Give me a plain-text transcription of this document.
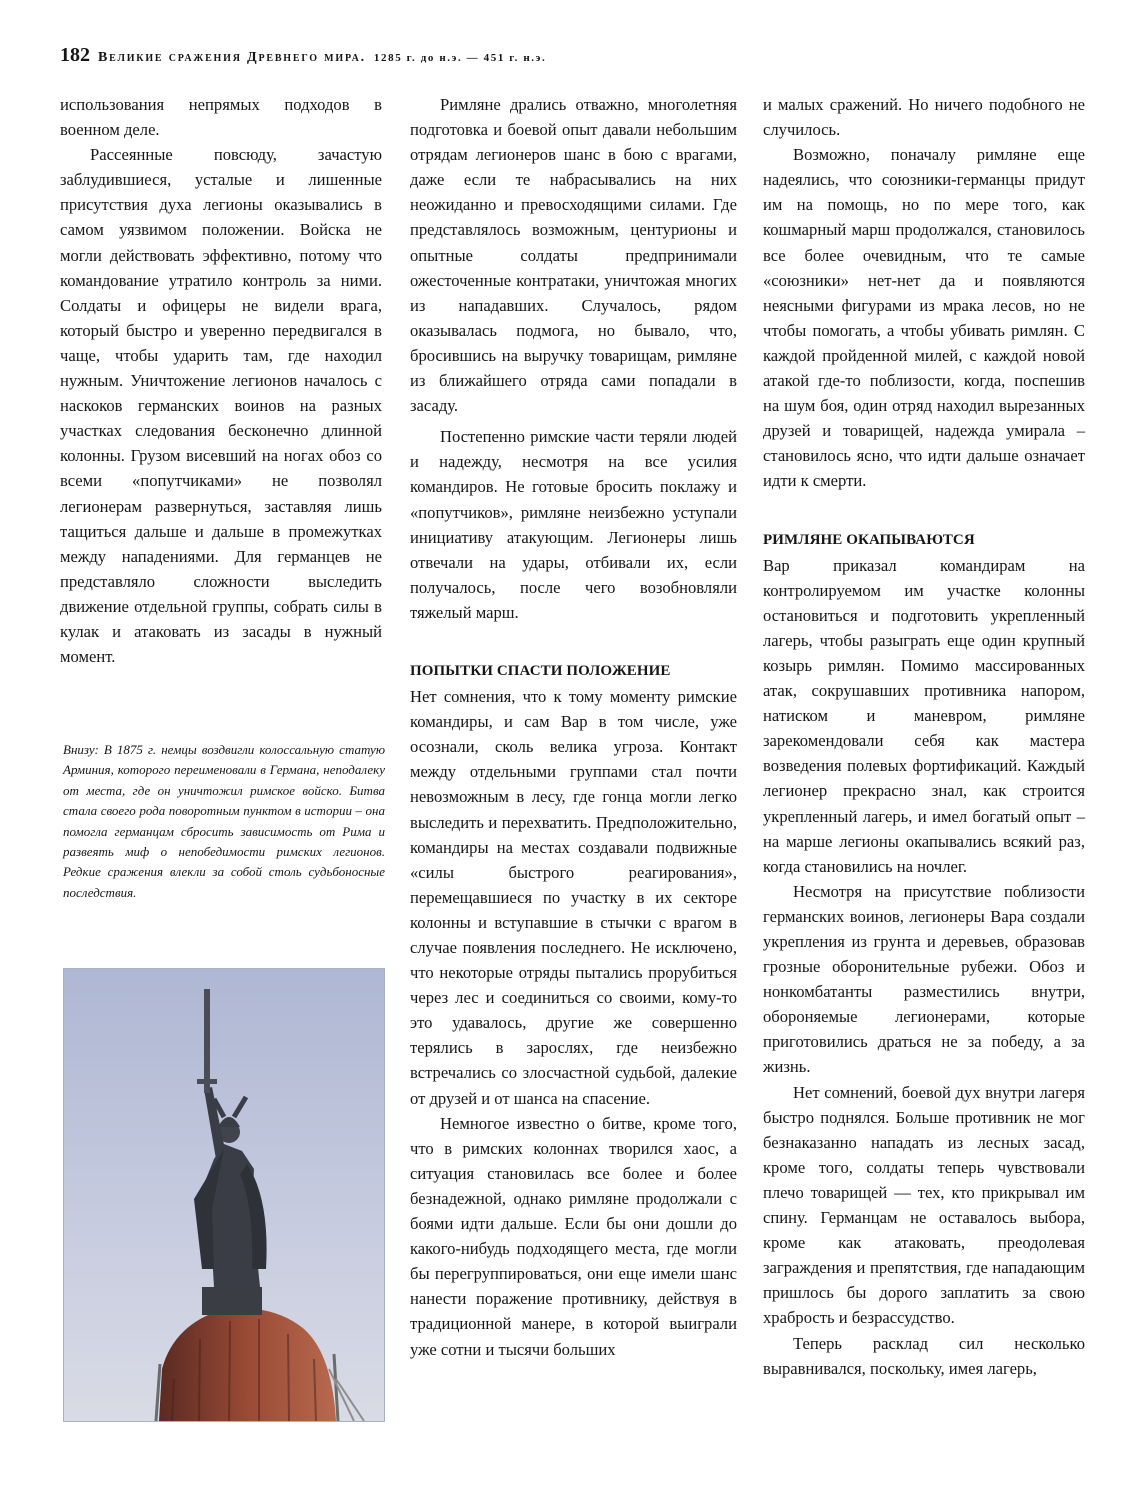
182 Великие сражения Древнего мира. 1285 г. до н.э. — 451 г. н.э.

использования непрямых подходов в военном деле.

Рассеянные повсюду, зачастую заблудившиеся, усталые и лишенные присутствия духа легионы оказывались в самом уязвимом положении. Войска не могли действовать эффективно, потому что командование утратило контроль за ними. Солдаты и офицеры не видели врага, который быстро и уверенно передвигался в чаще, чтобы ударить там, где находил нужным. Уничтожение легионов началось с наскоков германских воинов на разных участках следования бесконечно длинной колонны. Грузом висевший на ногах обоз со всеми «попутчиками» не позволял легионерам развернуться, заставляя лишь тащиться дальше и дальше в промежутках между нападениями. Для германцев не представляло сложности выследить движение отдельной группы, собрать силы в кулак и атаковать из засады в нужный момент.

Внизу: В 1875 г. немцы воздвигли колоссальную статую Арминия, которого переименовали в Германа, неподалеку от места, где он уничтожил римское войско. Битва стала своего рода поворотным пунктом в истории – она помогла германцам сбросить зависимость от Рима и развеять миф о непобедимости римских легионов. Редкие сражения влекли за собой столь судьбоносные последствия.

Римляне дрались отважно, многолетняя подготовка и боевой опыт давали небольшим отрядам легионеров шанс в бою с врагами, даже если те набрасывались на них неожиданно и превосходящими силами. Где представлялось возможным, центурионы и опытные солдаты предпринимали ожесточенные контратаки, уничтожая многих из нападавших. Случалось, рядом оказывалась подмога, но бывало, что, бросившись на выручку товарищам, римляне из ближайшего отряда сами попадали в засаду.

Постепенно римские части теряли людей и надежду, несмотря на все усилия командиров. Не готовые бросить поклажу и «попутчиков», римляне неизбежно уступали инициативу атакующим. Легионеры лишь отвечали на удары, отбивали их, если получалось, после чего возобновляли тяжелый марш.

ПОПЫТКИ СПАСТИ ПОЛОЖЕНИЕ

Нет сомнения, что к тому моменту римские командиры, и сам Вар в том числе, уже осознали, сколь велика угроза. Контакт между отдельными группами стал почти невозможным в лесу, где гонца могли легко выследить и перехватить. Предположительно, командиры на местах создавали подвижные «силы быстрого реагирования», перемещавшиеся по участку в их секторе колонны и вступавшие в стычки с врагом в случае появления последнего. Не исключено, что некоторые отряды пытались прорубиться через лес и соединиться со своими, кому-то это удавалось, другие же совершенно терялись в зарослях, где неизбежно встречались со злосчастной судьбой, далекие от друзей и от шанса на спасение.

Немногое известно о битве, кроме того, что в римских колоннах творился хаос, а ситуация становилась все более и более безнадежной, однако римляне продолжали с боями идти дальше. Если бы они дошли до какого-нибудь подходящего места, где могли бы перегруппироваться, они еще имели шанс нанести поражение противнику, действуя в традиционной манере, в которой выиграли уже сотни и тысячи больших

и малых сражений. Но ничего подобного не случилось.

Возможно, поначалу римляне еще надеялись, что союзники-германцы придут им на помощь, но по мере того, как кошмарный марш продолжался, становилось все более очевидным, что те самые «союзники» нет-нет да и появляются неясными фигурами из мрака лесов, но не чтобы помогать, а чтобы убивать римлян. С каждой пройденной милей, с каждой новой атакой где-то поблизости, когда, поспешив на шум боя, один отряд находил вырезанных друзей и товарищей, надежда умирала – становилось ясно, что идти дальше означает идти к смерти.

РИМЛЯНЕ ОКАПЫВАЮТСЯ

Вар приказал командирам на контролируемом им участке колонны остановиться и подготовить укрепленный лагерь, чтобы разыграть еще один крупный козырь римлян. Помимо массированных атак, сокрушавших противника напором, натиском и маневром, римляне зарекомендовали себя как мастера возведения полевых фортификаций. Каждый легионер прекрасно знал, как строится укрепленный лагерь, и имел богатый опыт – на марше легионы окапывались всякий раз, когда становились на ночлег.

Несмотря на присутствие поблизости германских воинов, легионеры Вара создали укрепления из грунта и деревьев, образовав грозные оборонительные рубежи. Обоз и нонкомбатанты разместились внутри, обороняемые легионерами, которые приготовились драться не за победу, а за жизнь.

Нет сомнений, боевой дух внутри лагеря быстро поднялся. Больше противник не мог безнаказанно нападать из лесных засад, кроме того, солдаты теперь чувствовали плечо товарищей — тех, кто прикрывал им спину. Германцам не оставалось выбора, кроме как атаковать, преодолевая заграждения и препятствия, где нападающим пришлось бы дорого заплатить за свою храбрость и безрассудство.

Теперь расклад сил несколько выравнивался, поскольку, имея лагерь,
